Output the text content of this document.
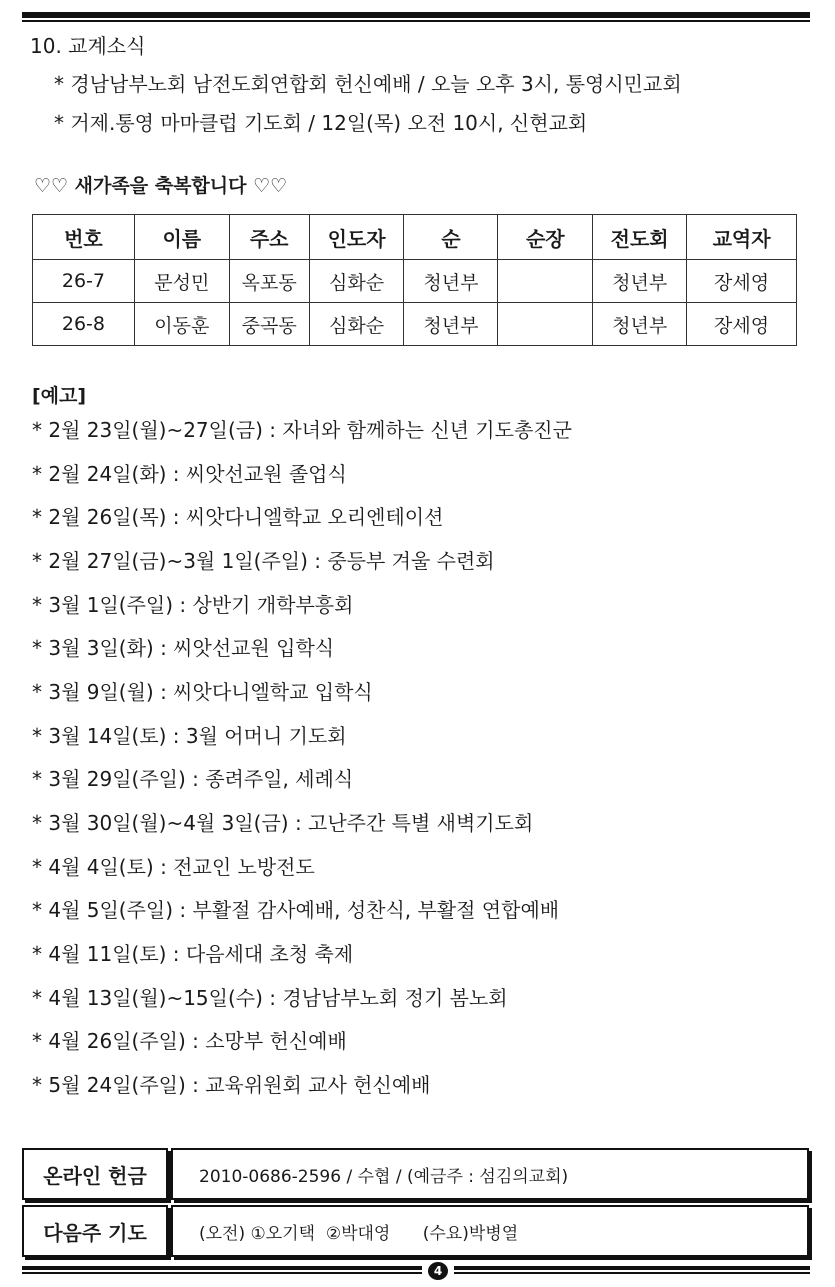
10. 교계소식
* 경남남부노회 남전도회연합회 헌신예배 / 오늘 오후 3시, 통영시민교회
* 거제.통영 마마클럽 기도회 / 12일(목) 오전 10시, 신현교회
♡♡ 새가족을 축복합니다 ♡♡
번호	이름	주소	인도자	순	순장	전도회	교역자
26-7	문성민	옥포동	심화순	청년부		청년부	장세영
26-8	이동훈	중곡동	심화순	청년부		청년부	장세영
[예고]
* 2월 23일(월)~27일(금) : 자녀와 함께하는 신년 기도총진군
* 2월 24일(화) : 씨앗선교원 졸업식
* 2월 26일(목) : 씨앗다니엘학교 오리엔테이션
* 2월 27일(금)~3월 1일(주일) : 중등부 겨울 수련회
* 3월 1일(주일) : 상반기 개학부흥회
* 3월 3일(화) : 씨앗선교원 입학식
* 3월 9일(월) : 씨앗다니엘학교 입학식
* 3월 14일(토) : 3월 어머니 기도회
* 3월 29일(주일) : 종려주일, 세례식
* 3월 30일(월)~4월 3일(금) : 고난주간 특별 새벽기도회
* 4월 4일(토) : 전교인 노방전도
* 4월 5일(주일) : 부활절 감사예배, 성찬식, 부활절 연합예배
* 4월 11일(토) : 다음세대 초청 축제
* 4월 13일(월)~15일(수) : 경남남부노회 정기 봄노회
* 4월 26일(주일) : 소망부 헌신예배
* 5월 24일(주일) : 교육위원회 교사 헌신예배
온라인 헌금	2010-0686-2596 / 수협 / (예금주 : 섬김의교회)
다음주 기도	(오전) ①오기택  ②박대영      (수요)박병열
4
